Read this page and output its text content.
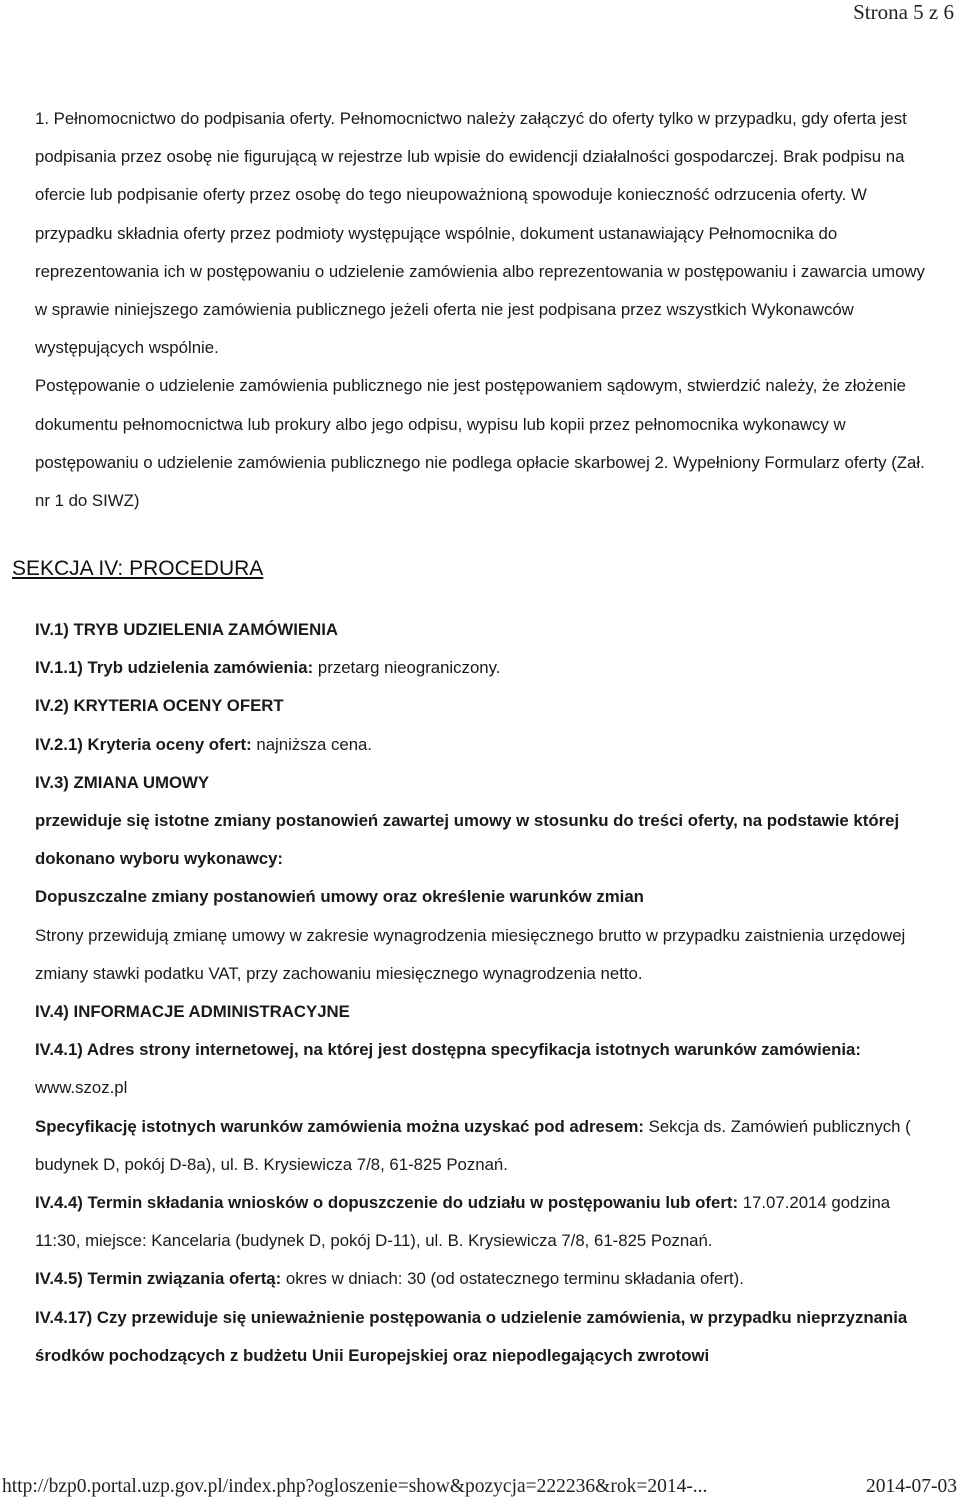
Strona 5 z 6

1. Pełnomocnictwo do podpisania oferty. Pełnomocnictwo należy załączyć do oferty tylko w przypadku, gdy oferta jest podpisania przez osobę nie figurującą w rejestrze lub wpisie do ewidencji działalności gospodarczej. Brak podpisu na ofercie lub podpisanie oferty przez osobę do tego nieupoważnioną spowoduje konieczność odrzucenia oferty. W przypadku składnia oferty przez podmioty występujące wspólnie, dokument ustanawiający Pełnomocnika do reprezentowania ich w postępowaniu o udzielenie zamówienia albo reprezentowania w postępowaniu i zawarcia umowy w sprawie niniejszego zamówienia publicznego jeżeli oferta nie jest podpisana przez wszystkich Wykonawców występujących wspólnie.

Postępowanie o udzielenie zamówienia publicznego nie jest postępowaniem sądowym, stwierdzić należy, że złożenie dokumentu pełnomocnictwa lub prokury albo jego odpisu, wypisu lub kopii przez pełnomocnika wykonawcy w postępowaniu o udzielenie zamówienia publicznego nie podlega opłacie skarbowej 2. Wypełniony Formularz oferty (Zał. nr 1 do SIWZ)

SEKCJA IV: PROCEDURA

IV.1) TRYB UDZIELENIA ZAMÓWIENIA

IV.1.1) Tryb udzielenia zamówienia: przetarg nieograniczony.

IV.2) KRYTERIA OCENY OFERT

IV.2.1) Kryteria oceny ofert: najniższa cena.

IV.3) ZMIANA UMOWY

przewiduje się istotne zmiany postanowień zawartej umowy w stosunku do treści oferty, na podstawie której dokonano wyboru wykonawcy:

Dopuszczalne zmiany postanowień umowy oraz określenie warunków zmian

Strony przewidują zmianę umowy w zakresie wynagrodzenia miesięcznego brutto w przypadku zaistnienia urzędowej zmiany stawki podatku VAT, przy zachowaniu miesięcznego wynagrodzenia netto.

IV.4) INFORMACJE ADMINISTRACYJNE

IV.4.1) Adres strony internetowej, na której jest dostępna specyfikacja istotnych warunków zamówienia: www.szoz.pl

Specyfikację istotnych warunków zamówienia można uzyskać pod adresem: Sekcja ds. Zamówień publicznych ( budynek D, pokój D-8a), ul. B. Krysiewicza 7/8, 61-825 Poznań.

IV.4.4) Termin składania wniosków o dopuszczenie do udziału w postępowaniu lub ofert: 17.07.2014 godzina 11:30, miejsce: Kancelaria (budynek D, pokój D-11), ul. B. Krysiewicza 7/8, 61-825 Poznań.

IV.4.5) Termin związania ofertą: okres w dniach: 30 (od ostatecznego terminu składania ofert).

IV.4.17) Czy przewiduje się unieważnienie postępowania o udzielenie zamówienia, w przypadku nieprzyznania środków pochodzących z budżetu Unii Europejskiej oraz niepodlegających zwrotowi

http://bzp0.portal.uzp.gov.pl/index.php?ogloszenie=show&pozycja=222236&rok=2014-...	2014-07-03
